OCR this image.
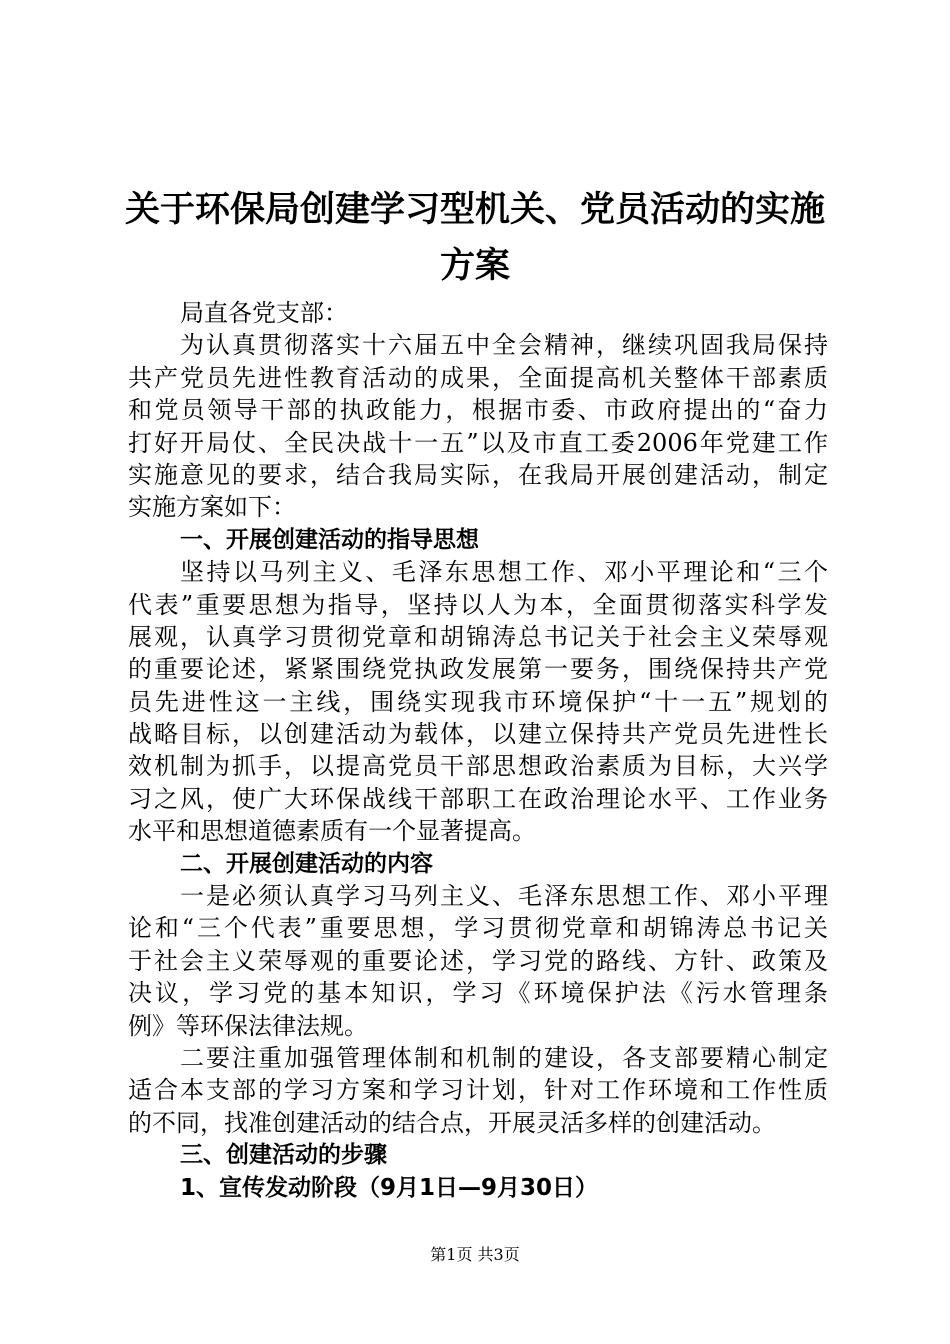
关于环保局创建学习型机关、党员活动的实施
方案
局直各党支部：
为认真贯彻落实十六届五中全会精神，继续巩固我局保持
共产党员先进性教育活动的成果，全面提高机关整体干部素质
和党员领导干部的执政能力，根据市委、市政府提出的“奋力
打好开局仗、全民决战十一五”以及市直工委2006年党建工作
实施意见的要求，结合我局实际，在我局开展创建活动，制定
实施方案如下：
一、开展创建活动的指导思想
坚持以马列主义、毛泽东思想工作、邓小平理论和“三个
代表”重要思想为指导，坚持以人为本，全面贯彻落实科学发
展观，认真学习贯彻党章和胡锦涛总书记关于社会主义荣辱观
的重要论述，紧紧围绕党执政发展第一要务，围绕保持共产党
员先进性这一主线，围绕实现我市环境保护“十一五”规划的
战略目标，以创建活动为载体，以建立保持共产党员先进性长
效机制为抓手，以提高党员干部思想政治素质为目标，大兴学
习之风，使广大环保战线干部职工在政治理论水平、工作业务
水平和思想道德素质有一个显著提高。
二、开展创建活动的内容
一是必须认真学习马列主义、毛泽东思想工作、邓小平理
论和“三个代表”重要思想，学习贯彻党章和胡锦涛总书记关
于社会主义荣辱观的重要论述，学习党的路线、方针、政策及
决议，学习党的基本知识，学习《环境保护法《污水管理条
例》等环保法律法规。
二要注重加强管理体制和机制的建设，各支部要精心制定
适合本支部的学习方案和学习计划，针对工作环境和工作性质
的不同，找准创建活动的结合点，开展灵活多样的创建活动。
三、创建活动的步骤
1、宣传发动阶段（9月1日—9月30日）
第1页 共3页
